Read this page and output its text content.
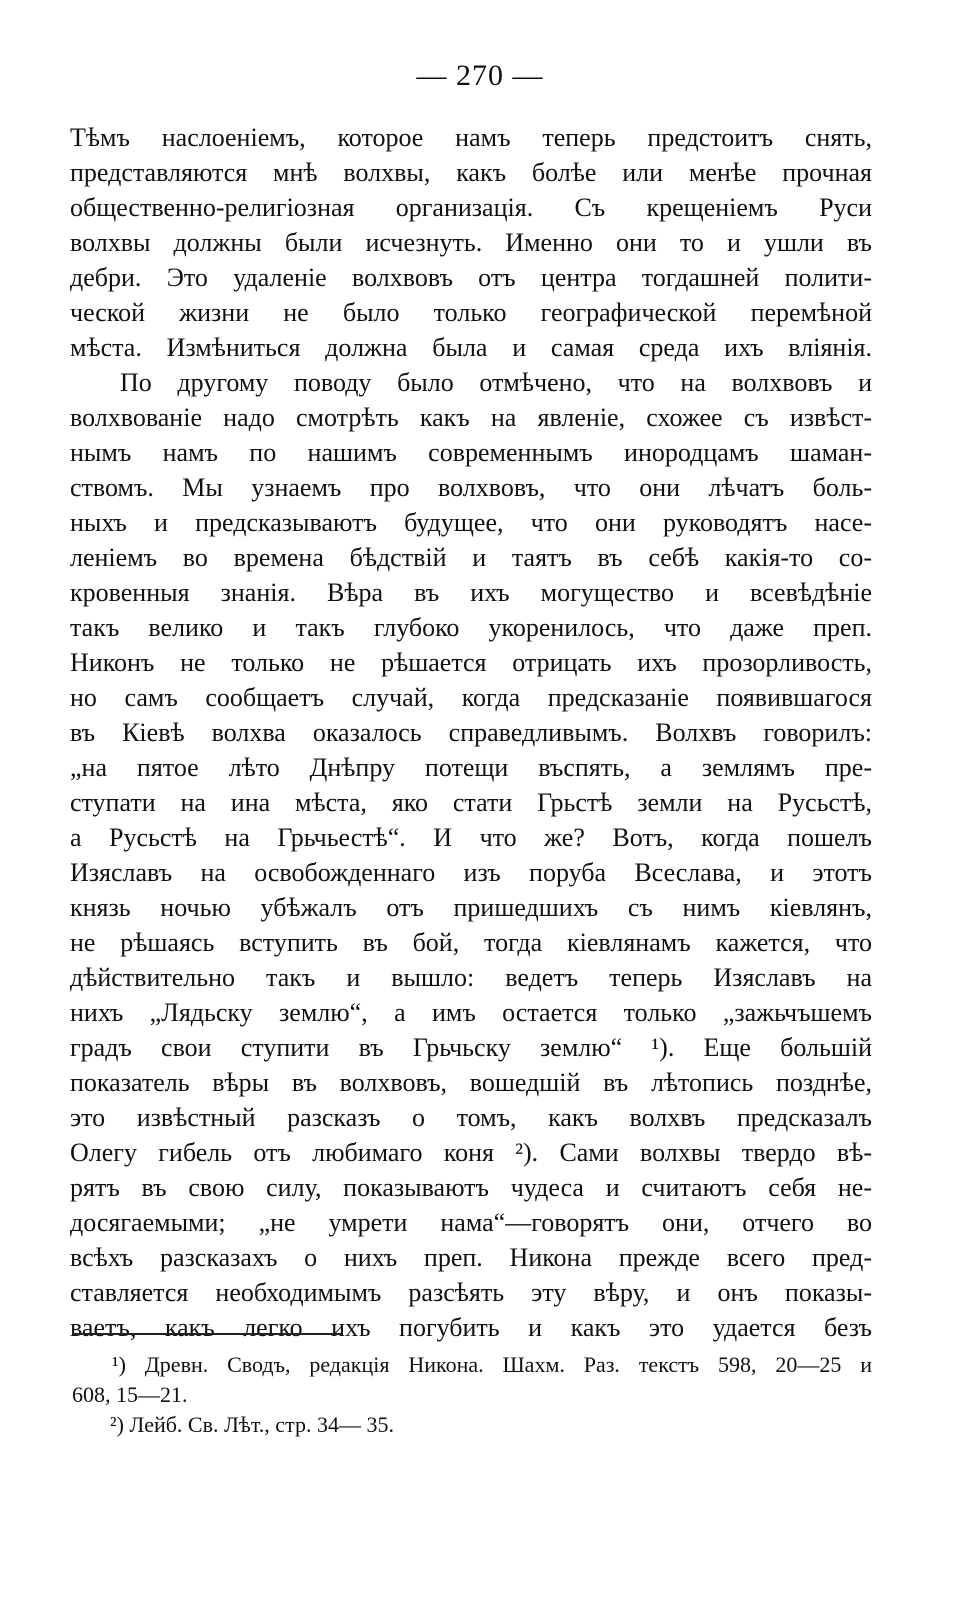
— 270 —
Тѣмъ наслоеніемъ, которое намъ теперь предстоитъ снять,
представляются мнѣ волхвы, какъ болѣе или менѣе прочная
общественно-религіозная организація. Съ крещеніемъ Руси
волхвы должны были исчезнуть. Именно они то и ушли въ
дебри. Это удаленіе волхвовъ отъ центра тогдашней полити-
ческой жизни не было только географической перемѣной
мѣста. Измѣниться должна была и самая среда ихъ вліянія.
По другому поводу было отмѣчено, что на волхвовъ и
волхвованіе надо смотрѣть какъ на явленіе, схожее съ извѣст-
нымъ намъ по нашимъ современнымъ инородцамъ шаман-
ствомъ. Мы узнаемъ про волхвовъ, что они лѣчатъ боль-
ныхъ и предсказываютъ будущее, что они руководятъ насе-
леніемъ во времена бѣдствій и таятъ въ себѣ какія-то со-
кровенныя знанія. Вѣра въ ихъ могущество и всевѣдѣніе
такъ велико и такъ глубоко укоренилось, что даже преп.
Никонъ не только не рѣшается отрицать ихъ прозорливость,
но самъ сообщаетъ случай, когда предсказаніе появившагося
въ Кіевѣ волхва оказалось справедливымъ. Волхвъ говорилъ:
„на пятое лѣто Днѣпру потещи въспять, а землямъ пре-
ступати на ина мѣста, яко стати Грьстѣ земли на Русьстѣ,
а Русьстѣ на Грьчьестѣ“. И что же? Вотъ, когда пошелъ
Изяславъ на освобожденнаго изъ поруба Всеслава, и этотъ
князь ночью убѣжалъ отъ пришедшихъ съ нимъ кіевлянъ,
не рѣшаясь вступить въ бой, тогда кіевлянамъ кажется, что
дѣйствительно такъ и вышло: ведетъ теперь Изяславъ на
нихъ „Лядьску землю“, а имъ остается только „зажьчъшемъ
градъ свои ступити въ Грьчьску землю“ ¹). Еще большій
показатель вѣры въ волхвовъ, вошедшій въ лѣтопись позднѣе,
это извѣстный разсказъ о томъ, какъ волхвъ предсказалъ
Олегу гибель отъ любимаго коня ²). Сами волхвы твердо вѣ-
рятъ въ свою силу, показываютъ чудеса и считаютъ себя не-
досягаемыми; „не умрети нама“—говорятъ они, отчего во
всѣхъ разсказахъ о нихъ преп. Никона прежде всего пред-
ставляется необходимымъ разсѣять эту вѣру, и онъ показы-
ваетъ, какъ легко ихъ погубить и какъ это удается безъ
¹) Древн. Сводъ, редакція Никона. Шахм. Раз. текстъ 598, 20—25 и
608, 15—21.
²) Лейб. Св. Лѣт., стр. 34— 35.
